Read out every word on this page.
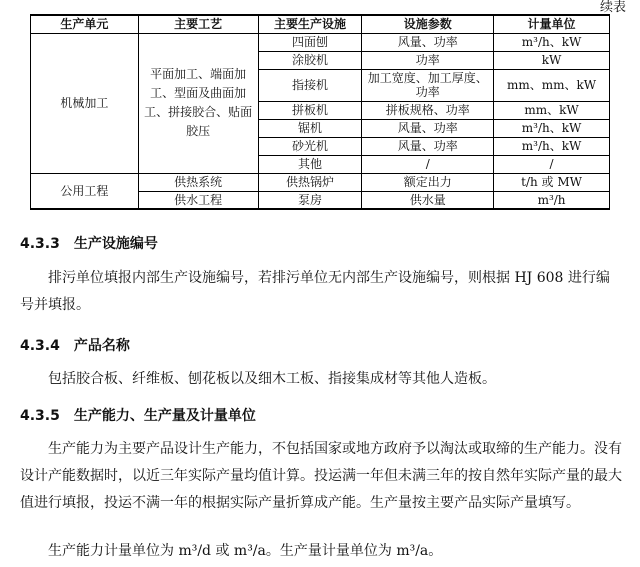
续表
生产单元	主要工艺	主要生产设施	设施参数	计量单位
机械加工	平面加工、端面加工、型面及曲面加工、拼接胶合、贴面胶压	四面刨	风量、功率	m³/h、kW
		涂胶机	功率	kW
		指接机	加工宽度、加工厚度、功率	mm、mm、kW
		拼板机	拼板规格、功率	mm、kW
		锯机	风量、功率	m³/h、kW
		砂光机	风量、功率	m³/h、kW
		其他	/	/

公用工程	供热系统	供热锅炉	额定出力	t/h 或 MW
	供水工程	泵房	供水量	m³/h
4.3.3 生产设施编号

排污单位填报内部生产设施编号，若排污单位无内部生产设施编号，则根据 HJ 608 进行编号并填报。

4.3.4 产品名称

包括胶合板、纤维板、刨花板以及细木工板、指接集成材等其他人造板。

4.3.5 生产能力、生产量及计量单位

生产能力为主要产品设计生产能力，不包括国家或地方政府予以淘汰或取缔的生产能力。没有设计产能数据时，以近三年实际产量均值计算。投运满一年但未满三年的按自然年实际产量的最大值进行填报，投运不满一年的根据实际产量折算成产能。生产量按主要产品实际产量填写。

生产能力计量单位为 m³/d 或 m³/a。生产量计量单位为 m³/a。
